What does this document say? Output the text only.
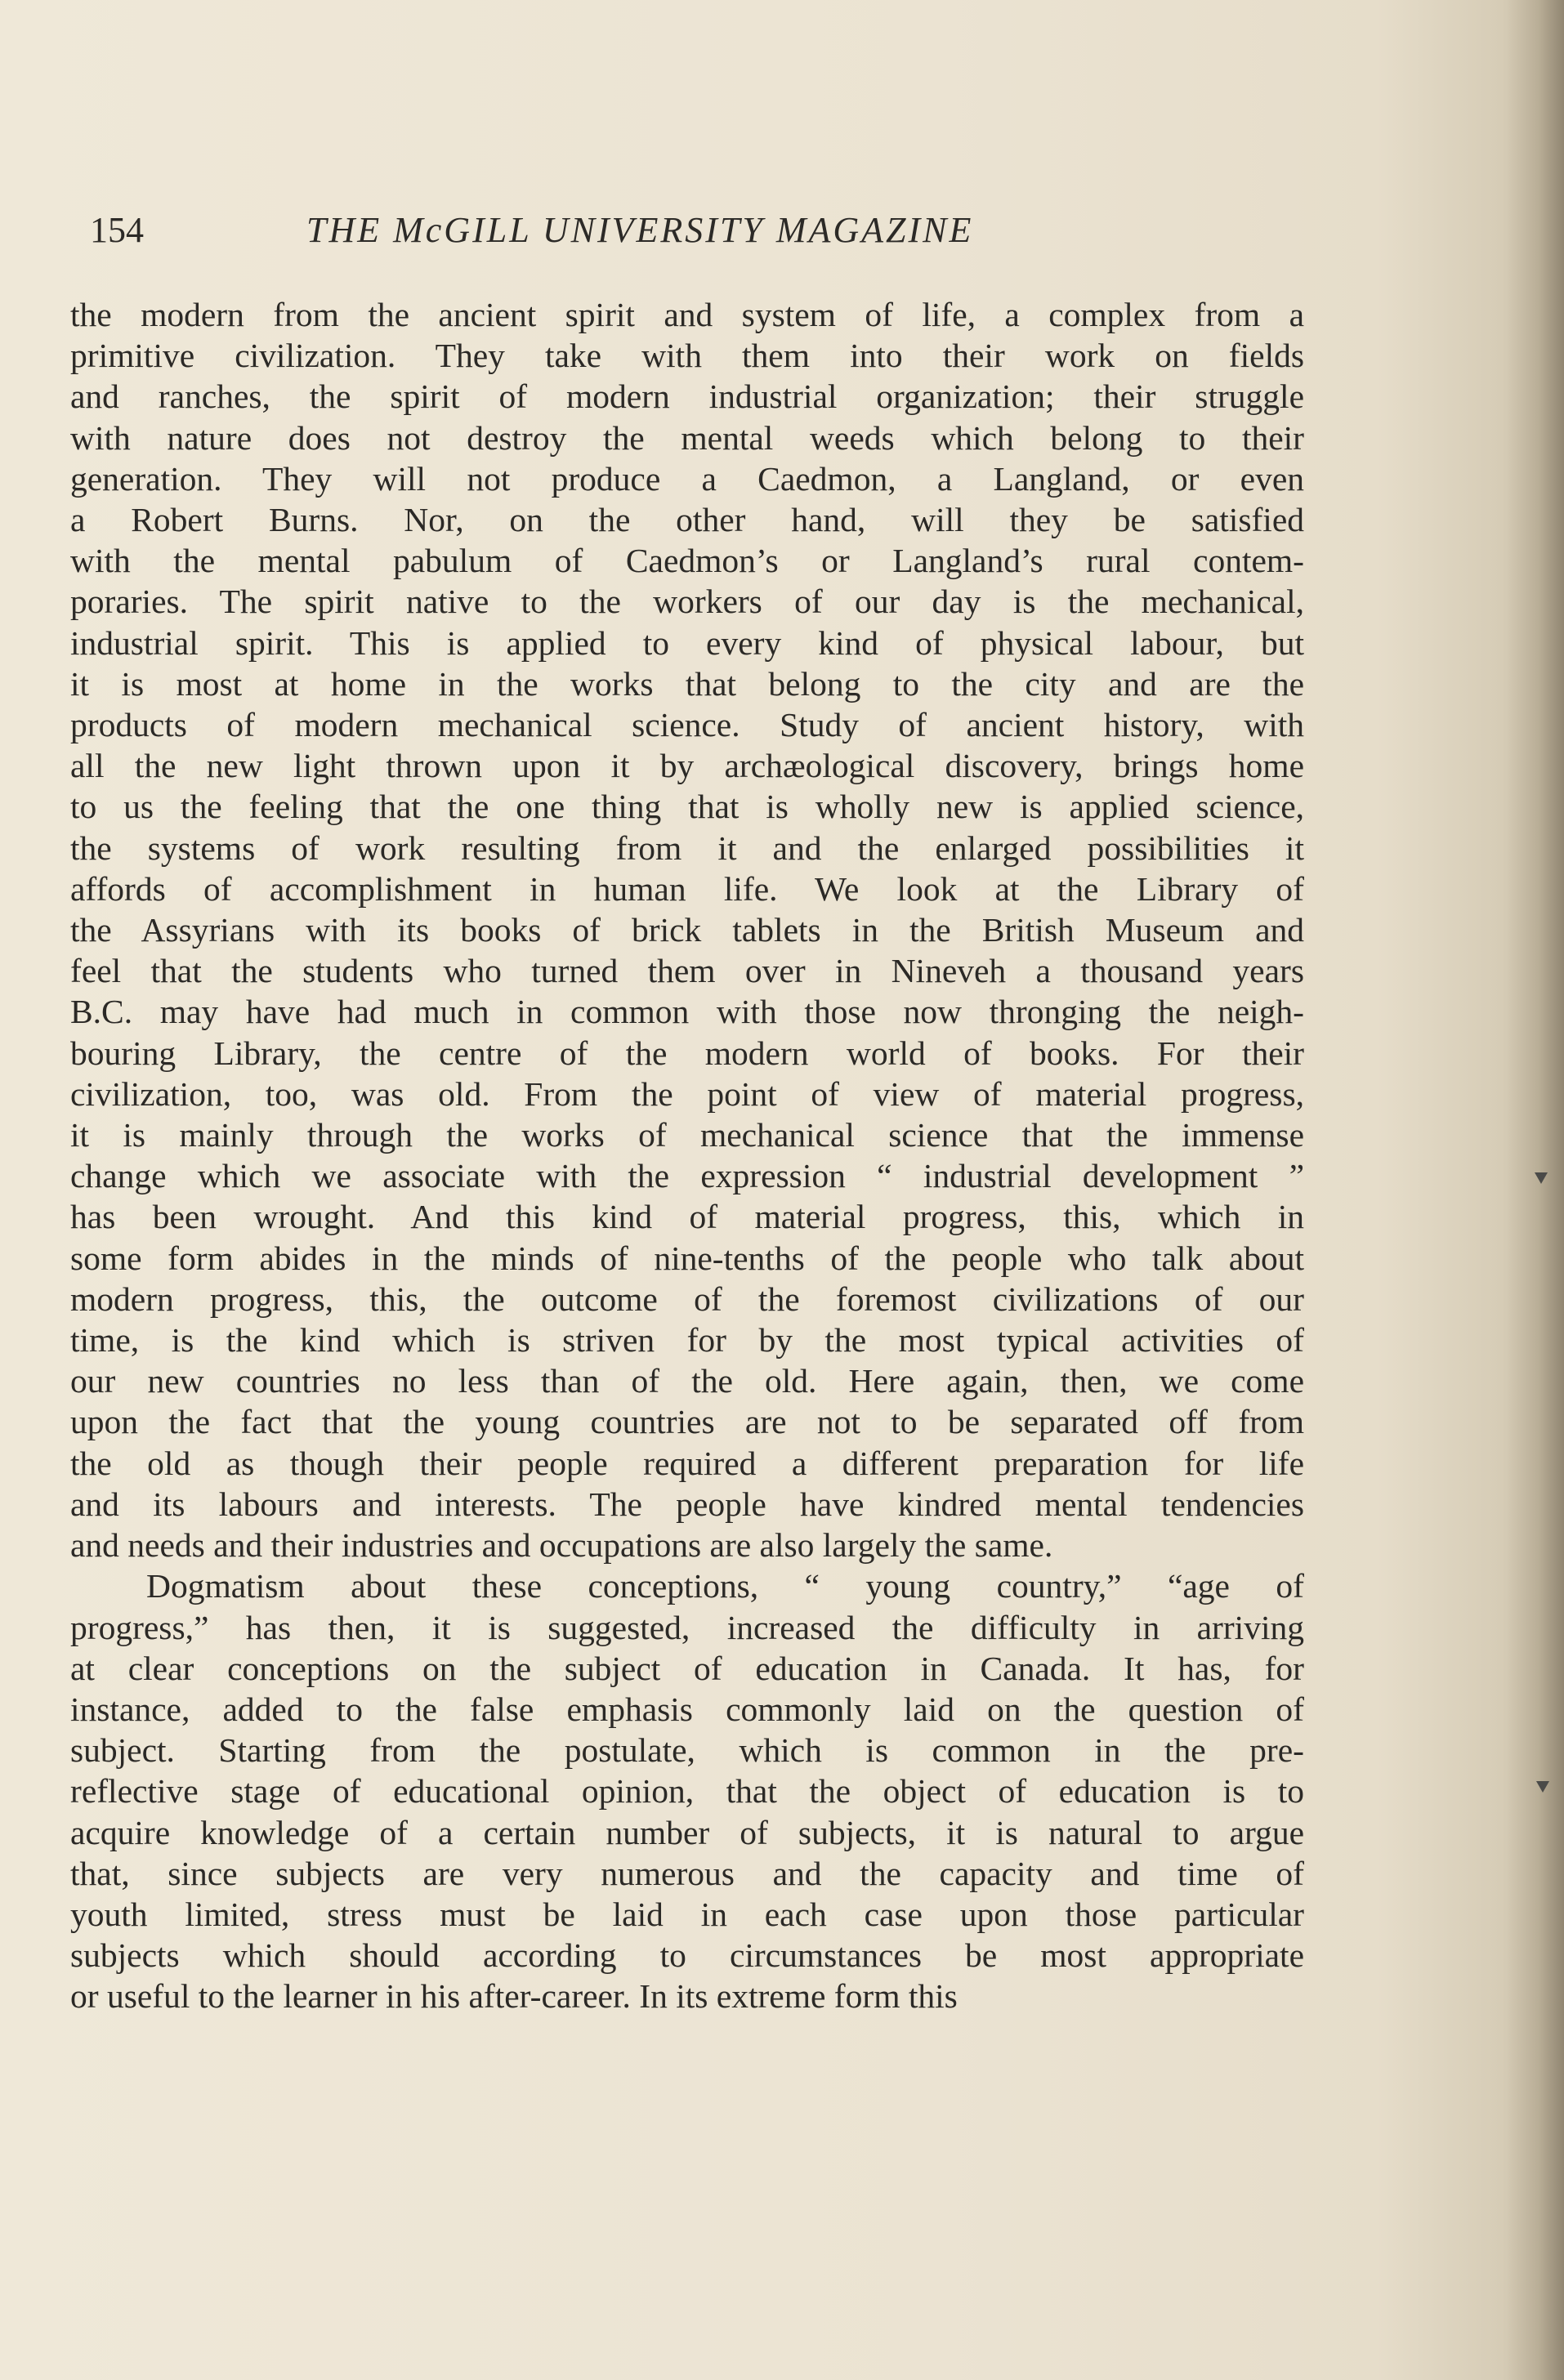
154	THE McGILL UNIVERSITY MAGAZINE
the modern from the ancient spirit and system of life, a complex from a
primitive civilization. They take with them into their work on fields
and ranches, the spirit of modern industrial organization; their struggle
with nature does not destroy the mental weeds which belong to their
generation. They will not produce a Caedmon, a Langland, or even
a Robert Burns. Nor, on the other hand, will they be satisfied
with the mental pabulum of Caedmon’s or Langland’s rural contem-
poraries. The spirit native to the workers of our day is the mechanical,
industrial spirit. This is applied to every kind of physical labour, but
it is most at home in the works that belong to the city and are the
products of modern mechanical science. Study of ancient history, with
all the new light thrown upon it by archæological discovery, brings home
to us the feeling that the one thing that is wholly new is applied science,
the systems of work resulting from it and the enlarged possibilities it
affords of accomplishment in human life. We look at the Library of
the Assyrians with its books of brick tablets in the British Museum and
feel that the students who turned them over in Nineveh a thousand years
B.C. may have had much in common with those now thronging the neigh-
bouring Library, the centre of the modern world of books. For their
civilization, too, was old. From the point of view of material progress,
it is mainly through the works of mechanical science that the immense
change which we associate with the expression “ industrial development ”
has been wrought. And this kind of material progress, this, which in
some form abides in the minds of nine-tenths of the people who talk about
modern progress, this, the outcome of the foremost civilizations of our
time, is the kind which is striven for by the most typical activities of
our new countries no less than of the old. Here again, then, we come
upon the fact that the young countries are not to be separated off from
the old as though their people required a different preparation for life
and its labours and interests. The people have kindred mental tendencies
and needs and their industries and occupations are also largely the same.
Dogmatism about these conceptions, “ young country,” “age of
progress,” has then, it is suggested, increased the difficulty in arriving
at clear conceptions on the subject of education in Canada. It has, for
instance, added to the false emphasis commonly laid on the question of
subject. Starting from the postulate, which is common in the pre-
reflective stage of educational opinion, that the object of education is to
acquire knowledge of a certain number of subjects, it is natural to argue
that, since subjects are very numerous and the capacity and time of
youth limited, stress must be laid in each case upon those particular
subjects which should according to circumstances be most appropriate
or useful to the learner in his after-career. In its extreme form this
